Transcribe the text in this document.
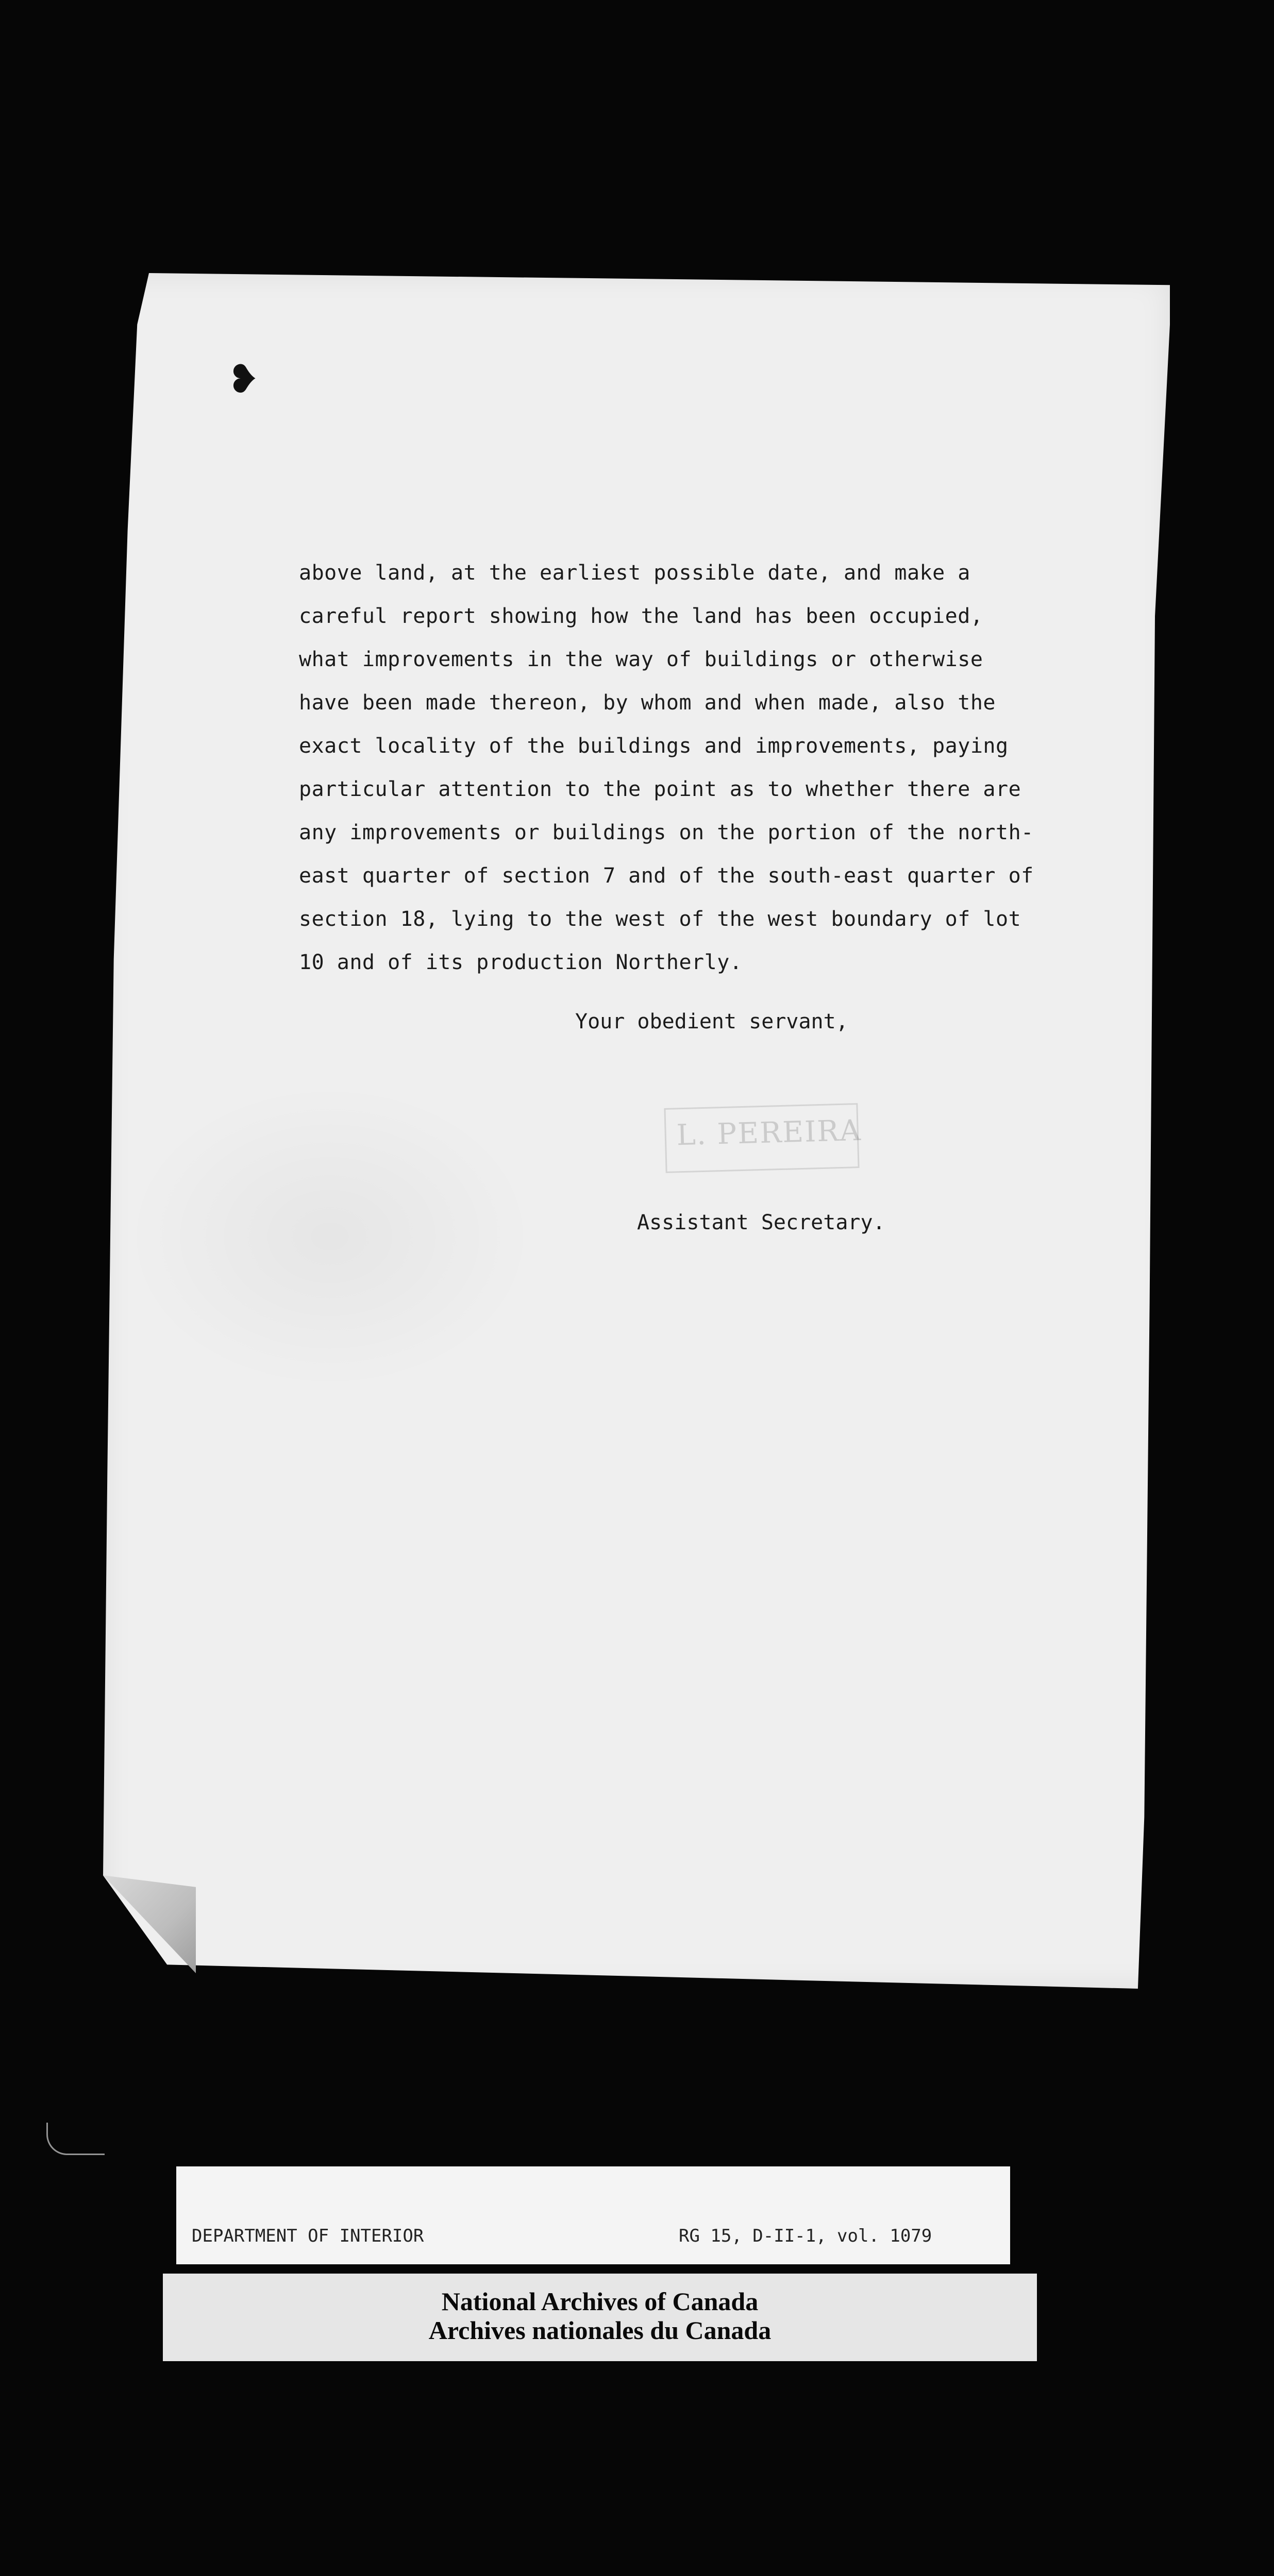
❥
above land, at the earliest possible date, and make a
careful report showing how the land has been occupied,
what improvements in the way of buildings or otherwise
have been made thereon, by whom and when made, also the
exact locality of the buildings and improvements, paying
particular attention to the point as to whether there are
any improvements or buildings on the portion of the north-
east quarter of section 7 and of the south-east quarter of
section 18, lying to the west of the west boundary of lot
10 and of its production Northerly.
Your obedient servant,
L. PEREIRA
Assistant Secretary.

DEPARTMENT OF INTERIOR

	RG 15, D-II-1, vol. 1079

National Archives of Canada
Archives nationales du Canada
